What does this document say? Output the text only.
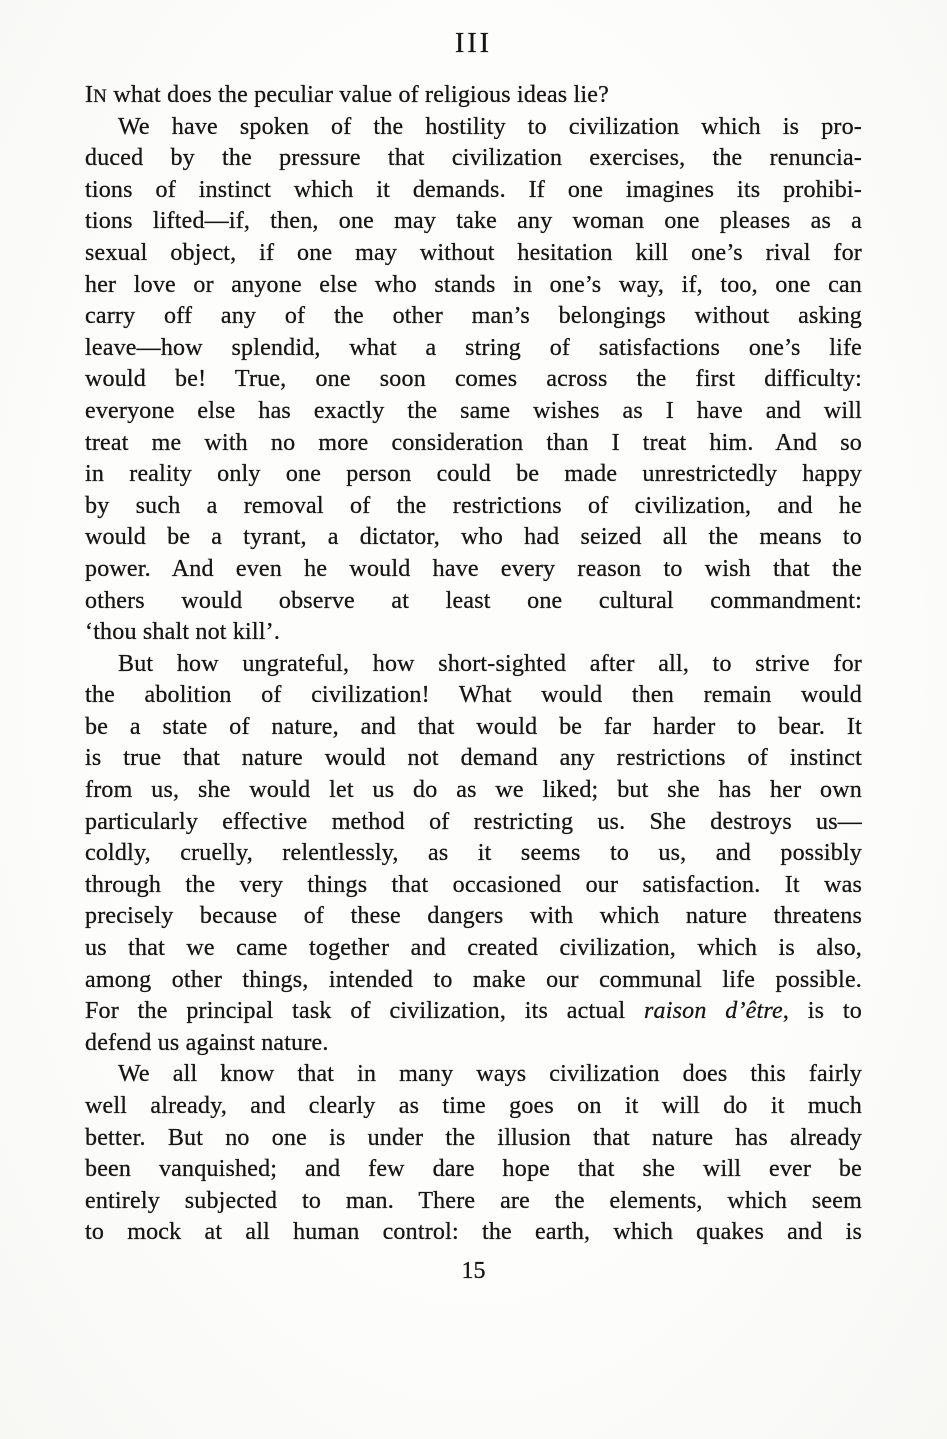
III
IN what does the peculiar value of religious ideas lie?
We have spoken of the hostility to civilization which is pro-
duced by the pressure that civilization exercises, the renuncia-
tions of instinct which it demands. If one imagines its prohibi-
tions lifted—if, then, one may take any woman one pleases as a
sexual object, if one may without hesitation kill one’s rival for
her love or anyone else who stands in one’s way, if, too, one can
carry off any of the other man’s belongings without asking
leave—how splendid, what a string of satisfactions one’s life
would be! True, one soon comes across the first difficulty:
everyone else has exactly the same wishes as I have and will
treat me with no more consideration than I treat him. And so
in reality only one person could be made unrestrictedly happy
by such a removal of the restrictions of civilization, and he
would be a tyrant, a dictator, who had seized all the means to
power. And even he would have every reason to wish that the
others would observe at least one cultural commandment:
‘thou shalt not kill’.
But how ungrateful, how short-sighted after all, to strive for
the abolition of civilization! What would then remain would
be a state of nature, and that would be far harder to bear. It
is true that nature would not demand any restrictions of instinct
from us, she would let us do as we liked; but she has her own
particularly effective method of restricting us. She destroys us—
coldly, cruelly, relentlessly, as it seems to us, and possibly
through the very things that occasioned our satisfaction. It was
precisely because of these dangers with which nature threatens
us that we came together and created civilization, which is also,
among other things, intended to make our communal life possible.
For the principal task of civilization, its actual raison d’être, is to
defend us against nature.
We all know that in many ways civilization does this fairly
well already, and clearly as time goes on it will do it much
better. But no one is under the illusion that nature has already
been vanquished; and few dare hope that she will ever be
entirely subjected to man. There are the elements, which seem
to mock at all human control: the earth, which quakes and is
15
